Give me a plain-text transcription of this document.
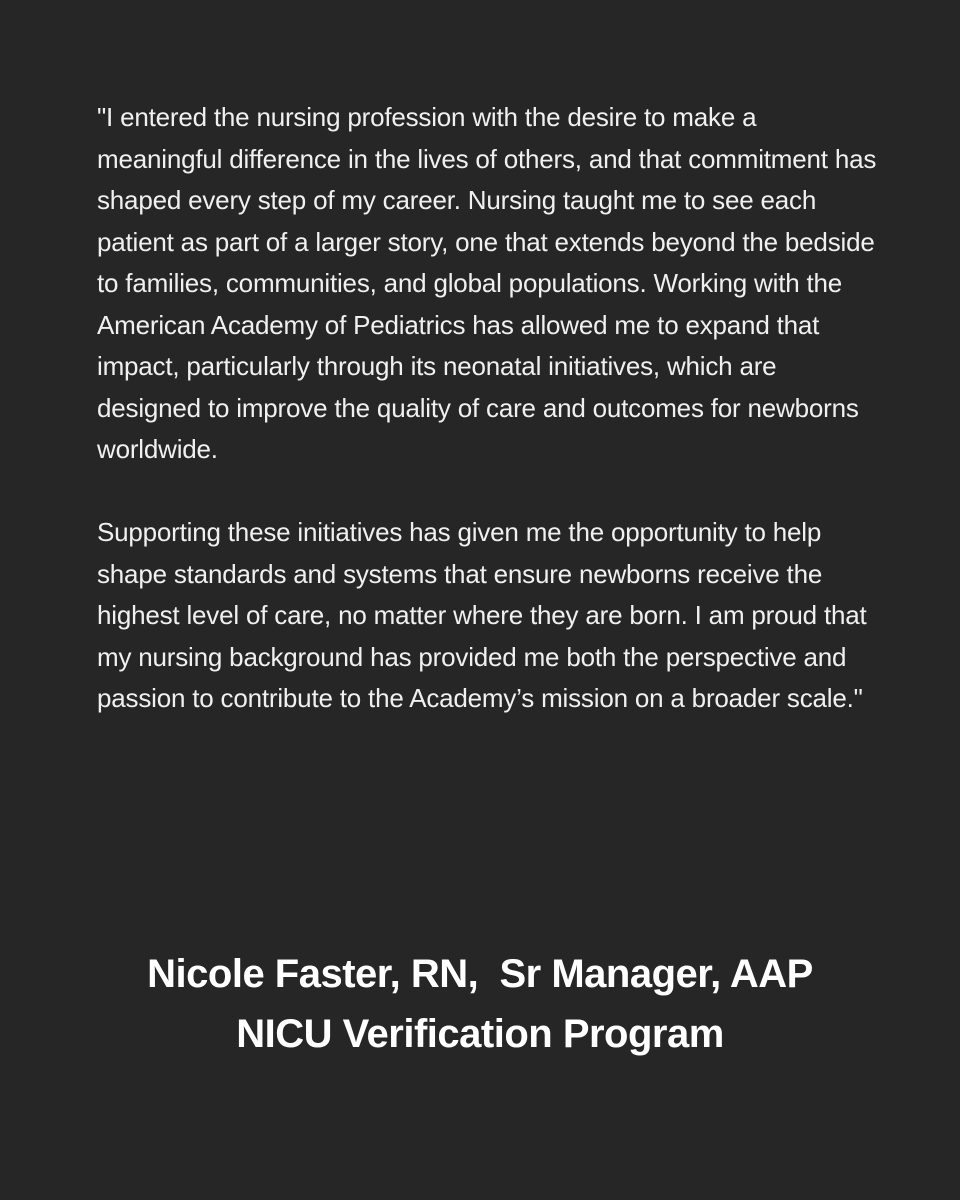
"I entered the nursing profession with the desire to make a meaningful difference in the lives of others, and that commitment has shaped every step of my career. Nursing taught me to see each patient as part of a larger story, one that extends beyond the bedside to families, communities, and global populations. Working with the American Academy of Pediatrics has allowed me to expand that impact, particularly through its neonatal initiatives, which are designed to improve the quality of care and outcomes for newborns worldwide.

Supporting these initiatives has given me the opportunity to help shape standards and systems that ensure newborns receive the highest level of care, no matter where they are born. I am proud that my nursing background has provided me both the perspective and passion to contribute to the Academy’s mission on a broader scale."

Nicole Faster, RN,  Sr Manager, AAP
NICU Verification Program
